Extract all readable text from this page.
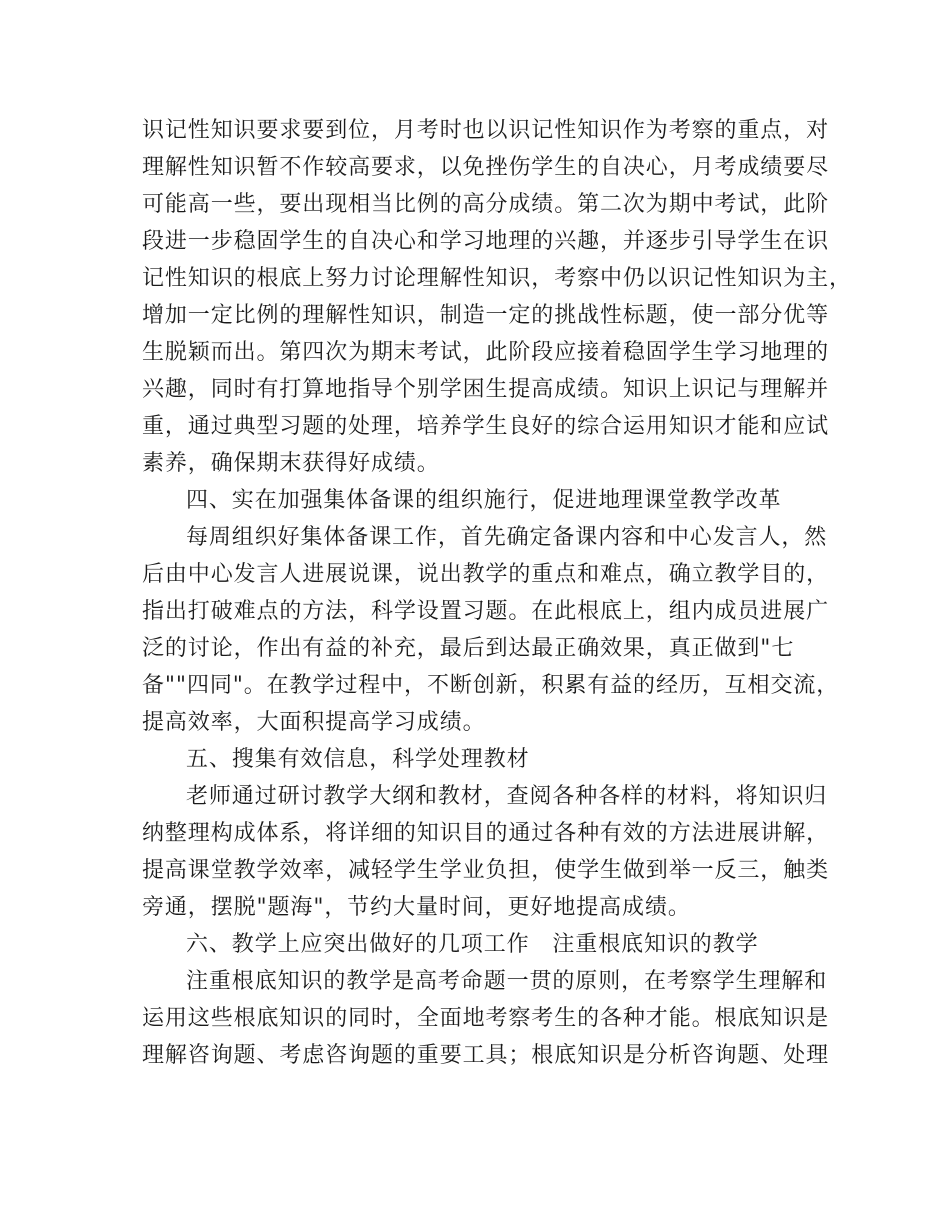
识记性知识要求要到位，月考时也以识记性知识作为考察的重点，对
理解性知识暂不作较高要求，以免挫伤学生的自决心，月考成绩要尽
可能高一些，要出现相当比例的高分成绩。第二次为期中考试，此阶
段进一步稳固学生的自决心和学习地理的兴趣，并逐步引导学生在识
记性知识的根底上努力讨论理解性知识，考察中仍以识记性知识为主，
增加一定比例的理解性知识，制造一定的挑战性标题，使一部分优等
生脱颖而出。第四次为期末考试，此阶段应接着稳固学生学习地理的
兴趣，同时有打算地指导个别学困生提高成绩。知识上识记与理解并
重，通过典型习题的处理，培养学生良好的综合运用知识才能和应试
素养，确保期末获得好成绩。
四、实在加强集体备课的组织施行，促进地理课堂教学改革
每周组织好集体备课工作，首先确定备课内容和中心发言人，然
后由中心发言人进展说课，说出教学的重点和难点，确立教学目的，
指出打破难点的方法，科学设置习题。在此根底上，组内成员进展广
泛的讨论，作出有益的补充，最后到达最正确效果，真正做到"七
备""四同"。在教学过程中，不断创新，积累有益的经历，互相交流，
提高效率，大面积提高学习成绩。
五、搜集有效信息，科学处理教材
老师通过研讨教学大纲和教材，查阅各种各样的材料，将知识归
纳整理构成体系，将详细的知识目的通过各种有效的方法进展讲解，
提高课堂教学效率，减轻学生学业负担，使学生做到举一反三，触类
旁通，摆脱"题海"，节约大量时间，更好地提高成绩。
六、教学上应突出做好的几项工作　注重根底知识的教学
注重根底知识的教学是高考命题一贯的原则，在考察学生理解和
运用这些根底知识的同时，全面地考察考生的各种才能。根底知识是
理解咨询题、考虑咨询题的重要工具；根底知识是分析咨询题、处理
